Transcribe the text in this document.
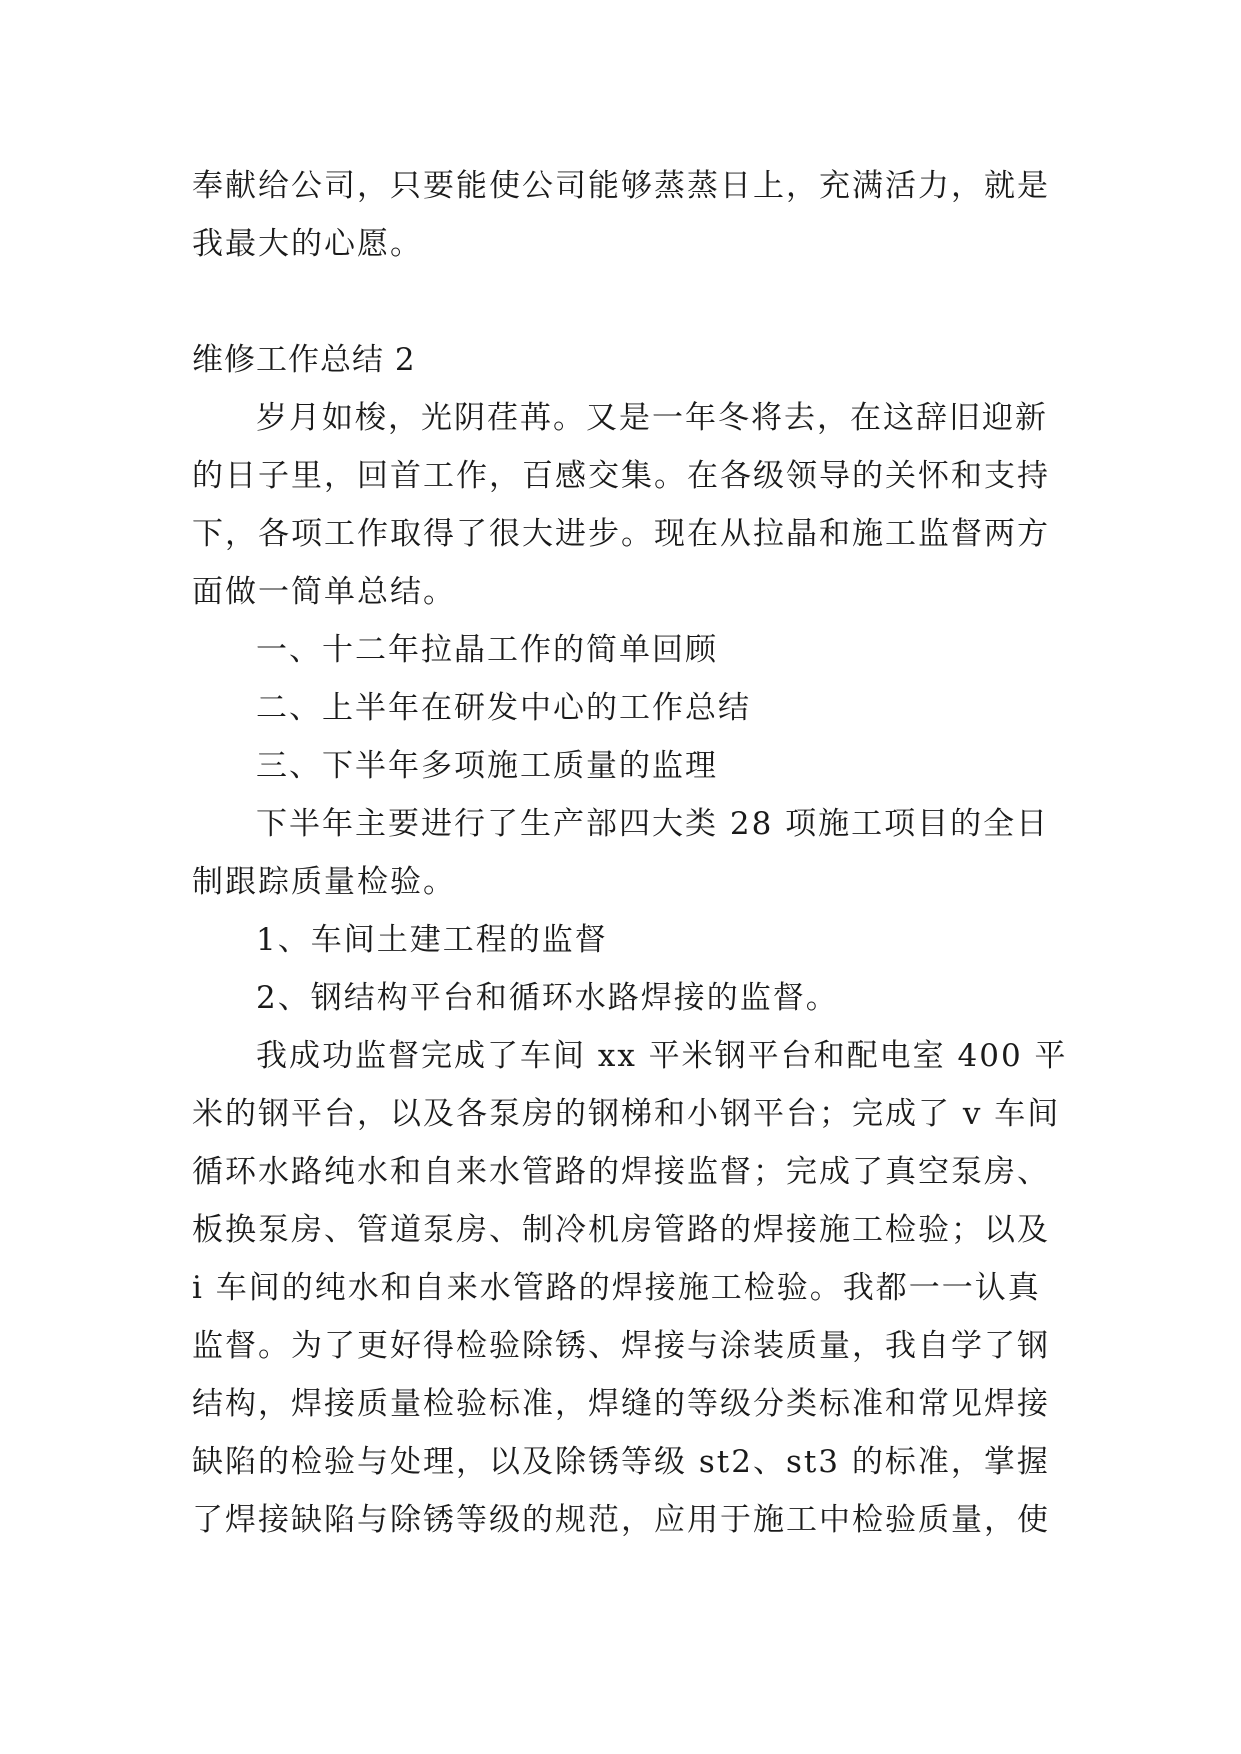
奉献给公司，只要能使公司能够蒸蒸日上，充满活力，就是
我最大的心愿。
维修工作总结 2
岁月如梭，光阴荏苒。又是一年冬将去，在这辞旧迎新
的日子里，回首工作，百感交集。在各级领导的关怀和支持
下，各项工作取得了很大进步。现在从拉晶和施工监督两方
面做一简单总结。
一、十二年拉晶工作的简单回顾
二、上半年在研发中心的工作总结
三、下半年多项施工质量的监理
下半年主要进行了生产部四大类 28 项施工项目的全日
制跟踪质量检验。
1、车间土建工程的监督
2、钢结构平台和循环水路焊接的监督。
我成功监督完成了车间 xx 平米钢平台和配电室 400 平
米的钢平台，以及各泵房的钢梯和小钢平台；完成了 v 车间
循环水路纯水和自来水管路的焊接监督；完成了真空泵房、
板换泵房、管道泵房、制冷机房管路的焊接施工检验；以及
i 车间的纯水和自来水管路的焊接施工检验。我都一一认真
监督。为了更好得检验除锈、焊接与涂装质量，我自学了钢
结构，焊接质量检验标准，焊缝的等级分类标准和常见焊接
缺陷的检验与处理，以及除锈等级 st2、st3 的标准，掌握
了焊接缺陷与除锈等级的规范，应用于施工中检验质量，使
